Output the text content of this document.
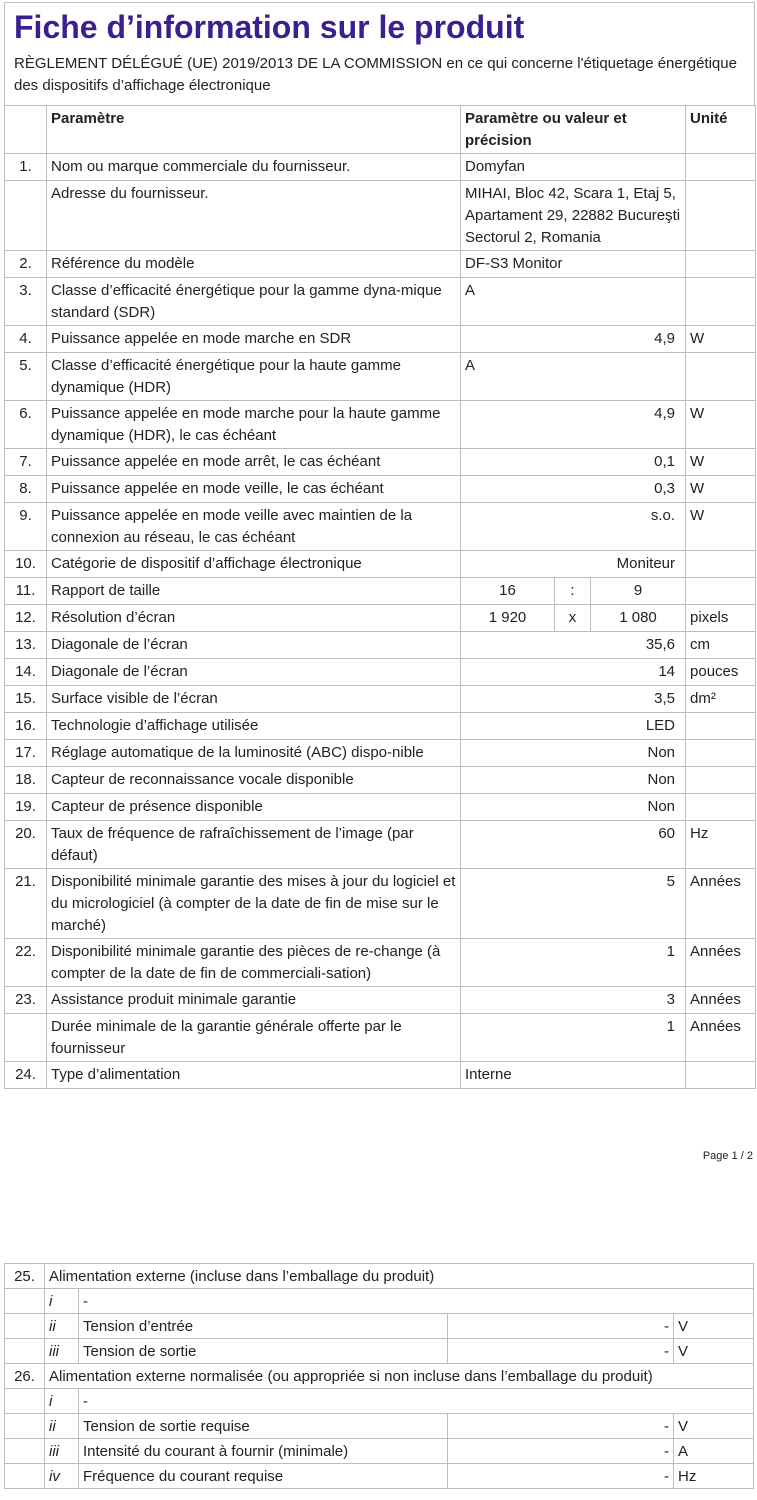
Fiche d’information sur le produit
RÈGLEMENT DÉLÉGUÉ (UE) 2019/2013 DE LA COMMISSION en ce qui concerne l'étiquetage énergétique des dispositifs d’affichage électronique
	Paramètre	Paramètre ou valeur et précision			Unité
1.	Nom ou marque commerciale du fournisseur.	Domyfan			
	Adresse du fournisseur.	MIHAI, Bloc 42, Scara 1, Etaj 5, Apartament 29, 22882 Bucureşti Sectorul 2, Romania			
2.	Référence du modèle	DF-S3 Monitor			
3.	Classe d’efficacité énergétique pour la gamme dyna-mique standard (SDR)	A			
4.	Puissance appelée en mode marche en SDR	4,9			W
5.	Classe d’efficacité énergétique pour la haute gamme dynamique (HDR)	A			
6.	Puissance appelée en mode marche pour la haute gamme dynamique (HDR), le cas échéant	4,9			W
7.	Puissance appelée en mode arrêt, le cas échéant	0,1			W
8.	Puissance appelée en mode veille, le cas échéant	0,3			W
9.	Puissance appelée en mode veille avec maintien de la connexion au réseau, le cas échéant	s.o.			W
10.	Catégorie de dispositif d’affichage électronique	Moniteur			
11.	Rapport de taille	16	:	9	
12.	Résolution d’écran	1 920	x	1 080	pixels
13.	Diagonale de l’écran	35,6			cm
14.	Diagonale de l’écran	14			pouces
15.	Surface visible de l’écran	3,5			dm²
16.	Technologie d’affichage utilisée	LED			
17.	Réglage automatique de la luminosité (ABC) dispo-nible	Non			
18.	Capteur de reconnaissance vocale disponible	Non			
19.	Capteur de présence disponible	Non			
20.	Taux de fréquence de rafraîchissement de l’image (par défaut)	60			Hz
21.	Disponibilité minimale garantie des mises à jour du logiciel et du micrologiciel (à compter de la date de fin de mise sur le marché)	5			Années
22.	Disponibilité minimale garantie des pièces de re-change (à compter de la date de fin de commerciali-sation)	1			Années
23.	Assistance produit minimale garantie	3			Années
	Durée minimale de la garantie générale offerte par le fournisseur	1			Années
24.	Type d’alimentation	Interne			
Page 1 / 2
25.	Alimentation externe (incluse dans l’emballage du produit)			
	i	-		
	ii	Tension d’entrée	-	V
	iii	Tension de sortie	-	V
26.	Alimentation externe normalisée (ou appropriée si non incluse dans l’emballage du produit)			
	i	-		
	ii	Tension de sortie requise	-	V
	iii	Intensité du courant à fournir (minimale)	-	A
	iv	Fréquence du courant requise	-	Hz
